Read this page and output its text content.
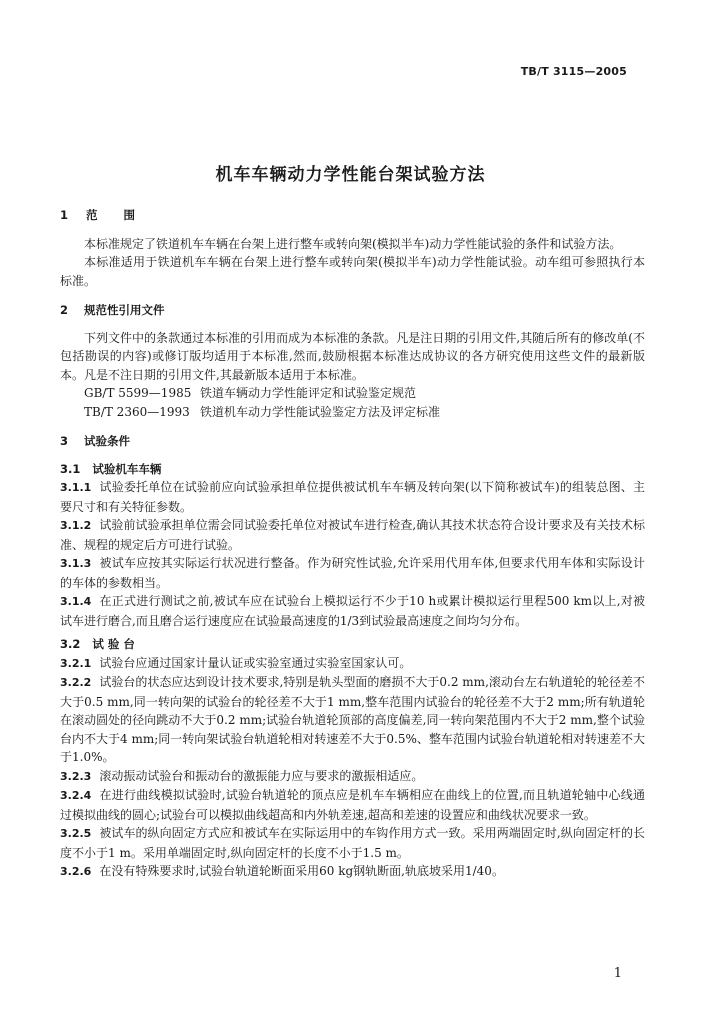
TB/T 3115—2005
机车车辆动力学性能台架试验方法
1 范 围

本标准规定了铁道机车车辆在台架上进行整车或转向架(模拟半车)动力学性能试验的条件和试验方法。

本标准适用于铁道机车车辆在台架上进行整车或转向架(模拟半车)动力学性能试验。动车组可参照执行本标准。

2 规范性引用文件

下列文件中的条款通过本标准的引用而成为本标准的条款。凡是注日期的引用文件,其随后所有的修改单(不包括勘误的内容)或修订版均适用于本标准,然而,鼓励根据本标准达成协议的各方研究使用这些文件的最新版本。凡是不注日期的引用文件,其最新版本适用于本标准。

GB/T 5599—1985 铁道车辆动力学性能评定和试验鉴定规范
TB/T 2360—1993 铁道机车动力学性能试验鉴定方法及评定标准
3 试验条件
3.1 试验机车车辆

3.1.1 试验委托单位在试验前应向试验承担单位提供被试机车车辆及转向架(以下简称被试车)的组装总图、主要尺寸和有关特征参数。

3.1.2 试验前试验承担单位需会同试验委托单位对被试车进行检查,确认其技术状态符合设计要求及有关技术标准、规程的规定后方可进行试验。

3.1.3 被试车应按其实际运行状况进行整备。作为研究性试验,允许采用代用车体,但要求代用车体和实际设计的车体的参数相当。

3.1.4 在正式进行测试之前,被试车应在试验台上模拟运行不少于10 h或累计模拟运行里程500 km以上,对被试车进行磨合,而且磨合运行速度应在试验最高速度的1/3到试验最高速度之间均匀分布。

3.2 试 验 台

3.2.1 试验台应通过国家计量认证或实验室通过实验室国家认可。

3.2.2 试验台的状态应达到设计技术要求,特别是轨头型面的磨损不大于0.2 mm,滚动台左右轨道轮的轮径差不大于0.5 mm,同一转向架的试验台的轮径差不大于1 mm,整车范围内试验台的轮径差不大于2 mm;所有轨道轮在滚动圆处的径向跳动不大于0.2 mm;试验台轨道轮顶部的高度偏差,同一转向架范围内不大于2 mm,整个试验台内不大于4 mm;同一转向架试验台轨道轮相对转速差不大于0.5%、整车范围内试验台轨道轮相对转速差不大于1.0%。

3.2.3 滚动振动试验台和振动台的激振能力应与要求的激振相适应。

3.2.4 在进行曲线模拟试验时,试验台轨道轮的顶点应是机车车辆相应在曲线上的位置,而且轨道轮轴中心线通过模拟曲线的圆心;试验台可以模拟曲线超高和内外轨差速,超高和差速的设置应和曲线状况要求一致。

3.2.5 被试车的纵向固定方式应和被试车在实际运用中的车钩作用方式一致。采用两端固定时,纵向固定杆的长度不小于1 m。采用单端固定时,纵向固定杆的长度不小于1.5 m。

3.2.6 在没有特殊要求时,试验台轨道轮断面采用60 kg钢轨断面,轨底坡采用1/40。

1
